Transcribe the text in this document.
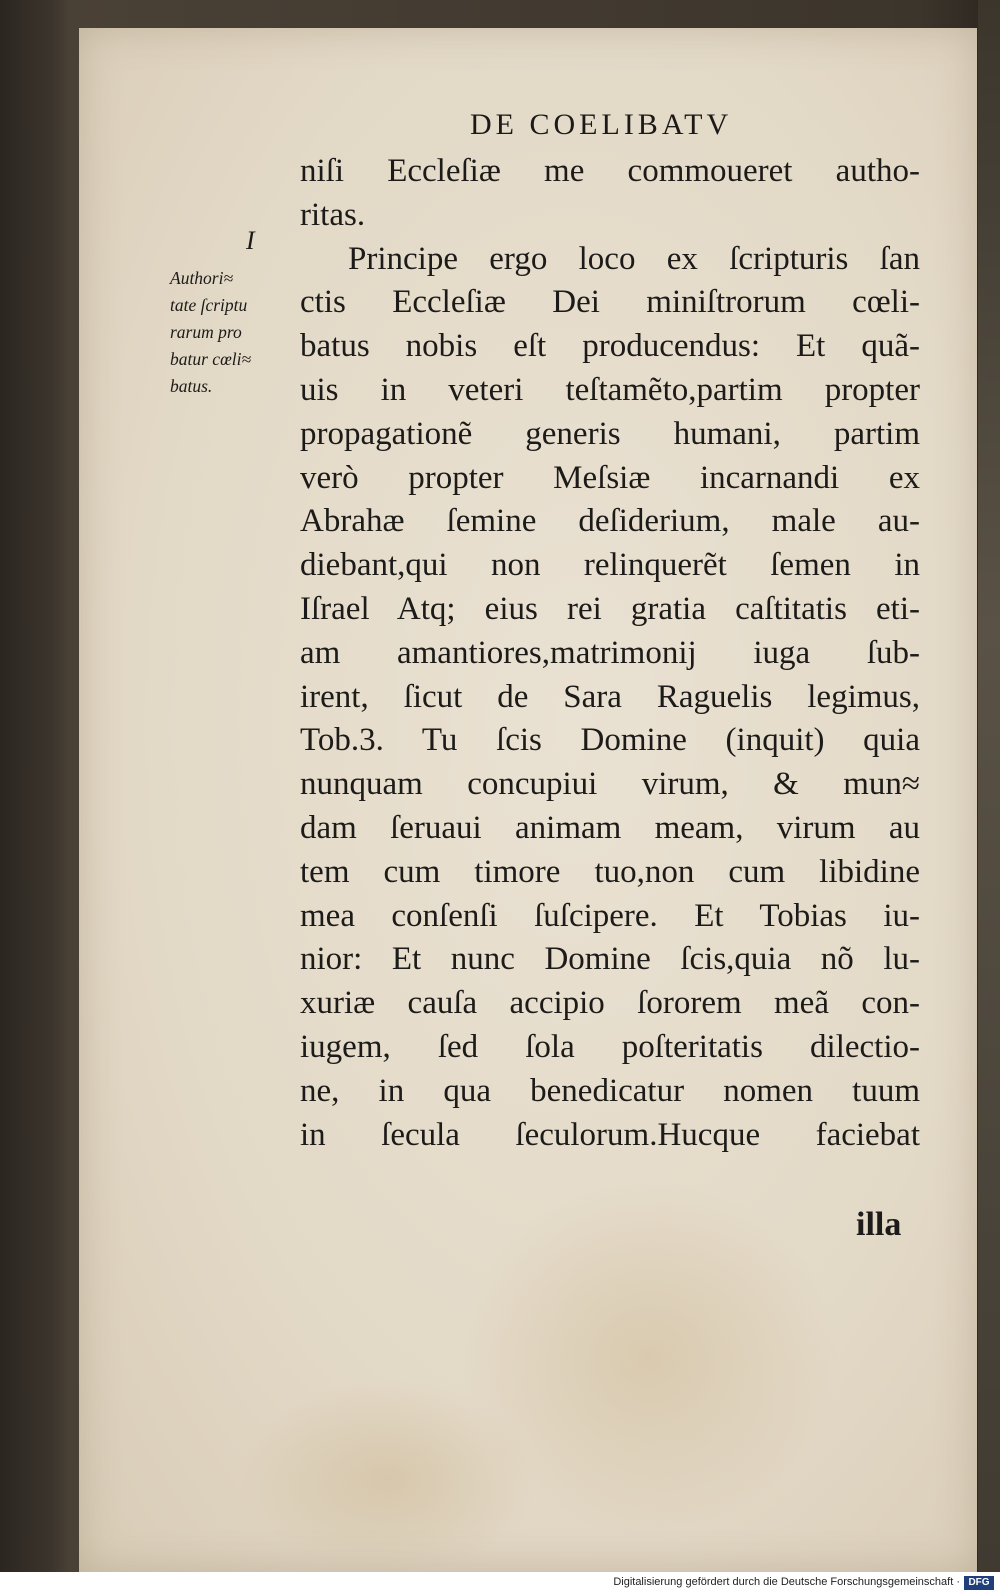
DE COELIBATV
I
Authori≈
tate ſcriptu
rarum pro
batur cœli≈
batus.
niſi Eccleſiæ me commoueret autho-
ritas.
Principe ergo loco ex ſcripturis ſan
ctis Eccleſiæ Dei miniſtrorum cœli-
batus nobis eſt producendus: Et quã-
uis in veteri teſtamẽto,partim propter
propagationẽ generis humani, partim
verò propter Meſsiæ incarnandi ex
Abrahæ ſemine deſiderium, male au-
diebant,qui non relinquerẽt ſemen in
Iſrael Atq; eius rei gratia caſtitatis eti-
am amantiores,matrimonij iuga ſub-
irent, ſicut de Sara Raguelis legimus,
Tob.3. Tu ſcis Domine (inquit) quia
nunquam concupiui virum, & mun≈
dam ſeruaui animam meam, virum au
tem cum timore tuo,non cum libidine
mea conſenſi ſuſcipere. Et Tobias iu-
nior: Et nunc Domine ſcis,quia nõ lu-
xuriæ cauſa accipio ſororem meã con-
iugem, ſed ſola poſteritatis dilectio-
ne, in qua benedicatur nomen tuum
in ſecula ſeculorum.Hucque faciebat
illa
Digitalisierung gefördert durch die Deutsche Forschungsgemeinschaft · DFG
